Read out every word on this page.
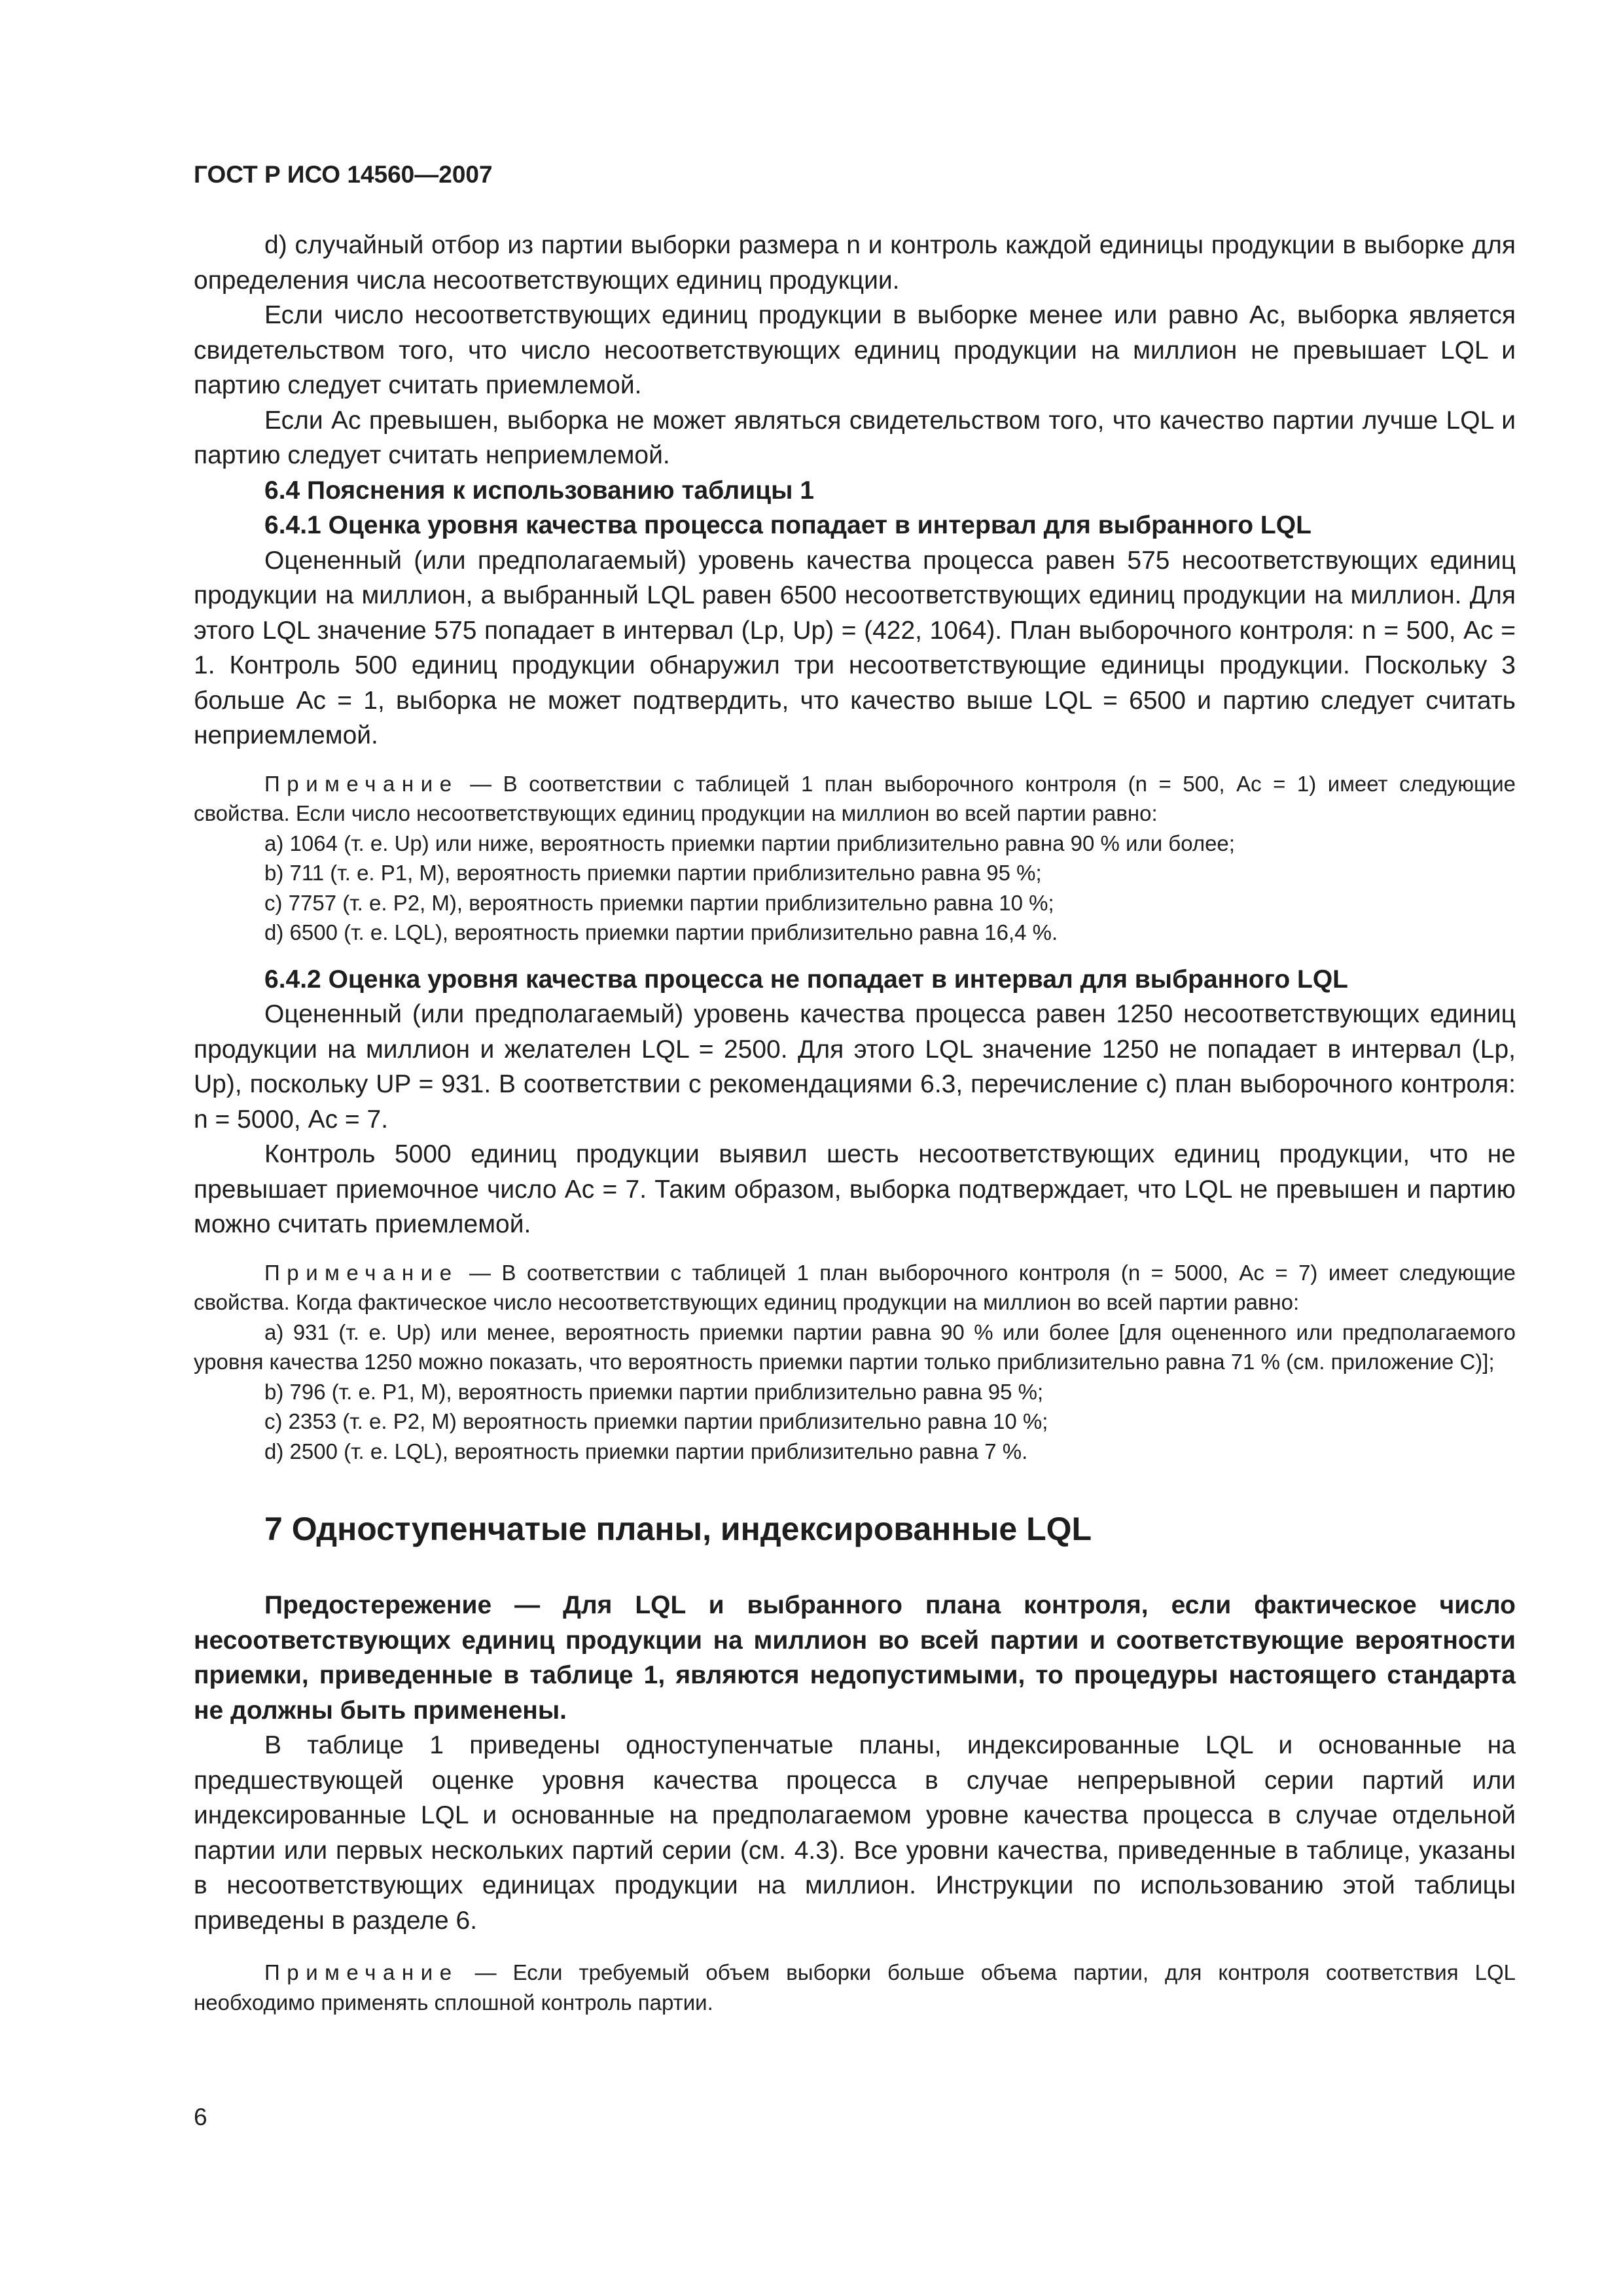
ГОСТ Р ИСО 14560—2007

d) случайный отбор из партии выборки размера n и контроль каждой единицы продукции в выборке для определения числа несоответствующих единиц продукции.

Если число несоответствующих единиц продукции в выборке менее или равно Ас, выборка является свидетельством того, что число несоответствующих единиц продукции на миллион не превышает LQL и партию следует считать приемлемой.

Если Ас превышен, выборка не может являться свидетельством того, что качество партии лучше LQL и партию следует считать неприемлемой.

6.4 Пояснения к использованию таблицы 1

6.4.1 Оценка уровня качества процесса попадает в интервал для выбранного LQL

Оцененный (или предполагаемый) уровень качества процесса равен 575 несоответствующих единиц продукции на миллион, а выбранный LQL равен 6500 несоответствующих единиц продукции на миллион. Для этого LQL значение 575 попадает в интервал (Lp, Up) = (422, 1064). План выборочного контроля: n = 500, Ас = 1. Контроль 500 единиц продукции обнаружил три несоответствующие единицы продукции. Поскольку 3 больше Ас = 1, выборка не может подтвердить, что качество выше LQL = 6500 и партию следует считать неприемлемой.

Примечание — В соответствии с таблицей 1 план выборочного контроля (n = 500, Ас = 1) имеет следующие свойства. Если число несоответствующих единиц продукции на миллион во всей партии равно:

a) 1064 (т. е. Up) или ниже, вероятность приемки партии приблизительно равна 90 % или более;

b) 711 (т. е. P1, M), вероятность приемки партии приблизительно равна 95 %;

c) 7757 (т. е. P2, M), вероятность приемки партии приблизительно равна 10 %;

d) 6500 (т. е. LQL), вероятность приемки партии приблизительно равна 16,4 %.

6.4.2 Оценка уровня качества процесса не попадает в интервал для выбранного LQL

Оцененный (или предполагаемый) уровень качества процесса равен 1250 несоответствующих единиц продукции на миллион и желателен LQL = 2500. Для этого LQL значение 1250 не попадает в интервал (Lp, Up), поскольку UP = 931. В соответствии с рекомендациями 6.3, перечисление с) план выборочного контроля: n = 5000, Ас = 7.

Контроль 5000 единиц продукции выявил шесть несоответствующих единиц продукции, что не превышает приемочное число Ас = 7. Таким образом, выборка подтверждает, что LQL не превышен и партию можно считать приемлемой.

Примечание — В соответствии с таблицей 1 план выборочного контроля (n = 5000, Ас = 7) имеет следующие свойства. Когда фактическое число несоответствующих единиц продукции на миллион во всей партии равно:

a) 931 (т. е. Up) или менее, вероятность приемки партии равна 90 % или более [для оцененного или предполагаемого уровня качества 1250 можно показать, что вероятность приемки партии только приблизительно равна 71 % (см. приложение С)];

b) 796 (т. е. P1, M), вероятность приемки партии приблизительно равна 95 %;

c) 2353 (т. е. P2, M) вероятность приемки партии приблизительно равна 10 %;

d) 2500 (т. е. LQL), вероятность приемки партии приблизительно равна 7 %.

7 Одноступенчатые планы, индексированные LQL

Предостережение — Для LQL и выбранного плана контроля, если фактическое число несоответствующих единиц продукции на миллион во всей партии и соответствующие вероятности приемки, приведенные в таблице 1, являются недопустимыми, то процедуры настоящего стандарта не должны быть применены.

В таблице 1 приведены одноступенчатые планы, индексированные LQL и основанные на предшествующей оценке уровня качества процесса в случае непрерывной серии партий или индексированные LQL и основанные на предполагаемом уровне качества процесса в случае отдельной партии или первых нескольких партий серии (см. 4.3). Все уровни качества, приведенные в таблице, указаны в несоответствующих единицах продукции на миллион. Инструкции по использованию этой таблицы приведены в разделе 6.

Примечание — Если требуемый объем выборки больше объема партии, для контроля соответствия LQL необходимо применять сплошной контроль партии.

6
